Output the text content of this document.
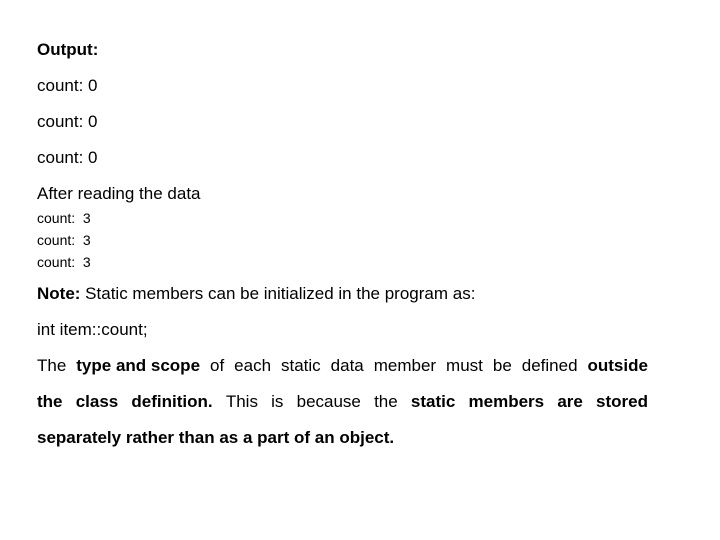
Output:
count: 0
count: 0
count: 0
After reading the data
count:  3
count:  3
count:  3
Note: Static members can be initialized in the program as:
int item::count;
The type and scope of each static data member must be defined outside
the class definition. This is because the static members are stored
separately rather than as a part of an object.
